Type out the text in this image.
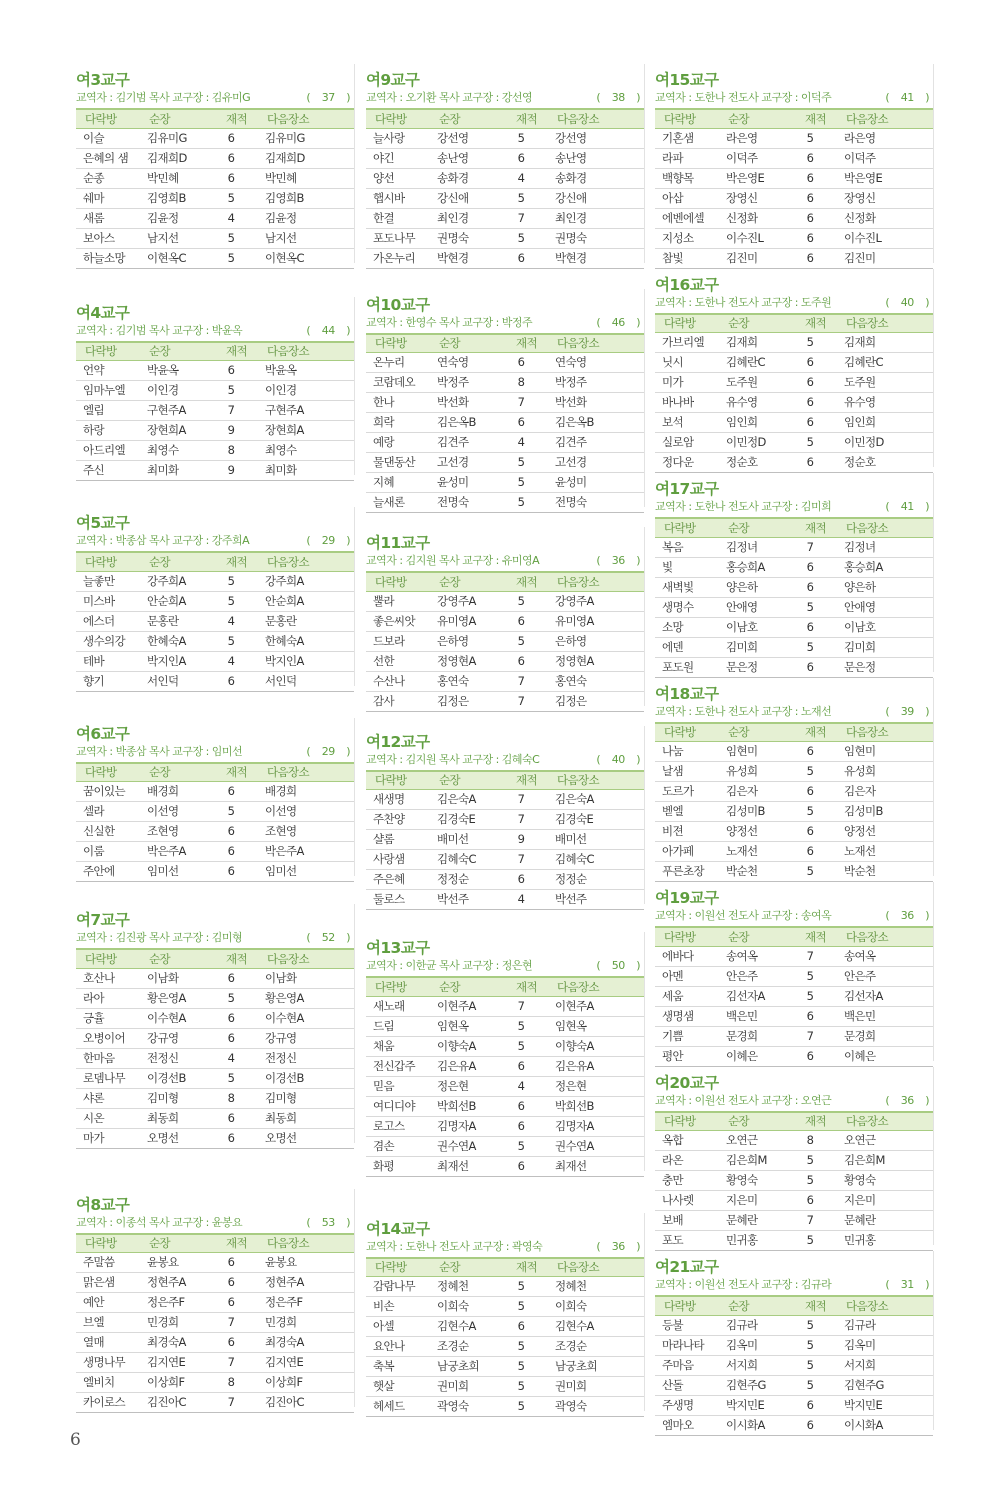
여3교구
교역자 : 김기범 목사 교구장 : 김유미G	(	37	)
다락방	순장	재적	다음장소
이슬	김유미G	6	김유미G
은혜의 샘	김재희D	6	김재희D
순종	박민혜	6	박민혜
쉐마	김영희B	5	김영희B
새롬	김윤정	4	김윤정
보아스	남지선	5	남지선
하늘소망	이현옥C	5	이현옥C
여4교구
교역자 : 김기범 목사 교구장 : 박윤옥	(	44	)
다락방	순장	재적	다음장소
언약	박윤옥	6	박윤옥
임마누엘	이인경	5	이인경
엘림	구현주A	7	구현주A
하랑	장현희A	9	장현희A
아드리엘	최영수	8	최영수
주신	최미화	9	최미화
여5교구
교역자 : 박종삼 목사 교구장 : 강주희A	(	29	)
다락방	순장	재적	다음장소
늘좋만	강주희A	5	강주희A
미스바	안순희A	5	안순희A
에스더	문홍란	4	문홍란
생수의강	한혜숙A	5	한혜숙A
테바	박지인A	4	박지인A
향기	서인덕	6	서인덕
여6교구
교역자 : 박종삼 목사 교구장 : 임미선	(	29	)
다락방	순장	재적	다음장소
꿈이있는	배경희	6	배경희
셀라	이선영	5	이선영
신실한	조현영	6	조현영
이룸	박은주A	6	박은주A
주안에	임미선	6	임미선
여7교구
교역자 : 김진광 목사 교구장 : 김미형	(	52	)
다락방	순장	재적	다음장소
호산나	이남화	6	이남화
라아	황은영A	5	황은영A
긍휼	이수현A	6	이수현A
오병이어	강규영	6	강규영
한마음	전정신	4	전정신
로뎀나무	이경선B	5	이경선B
샤론	김미형	8	김미형
시온	최동희	6	최동희
마가	오명선	6	오명선
여8교구
교역자 : 이종석 목사 교구장 : 윤봉요	(	53	)
다락방	순장	재적	다음장소
주말씀	윤봉요	6	윤봉요
맑은샘	정현주A	6	정현주A
예안	정은주F	6	정은주F
브엘	민경희	7	민경희
열매	최경숙A	6	최경숙A
생명나무	김지연E	7	김지연E
엘비치	이상희F	8	이상희F
카이로스	김진아C	7	김진아C
여9교구
교역자 : 오기환 목사 교구장 : 강선영	(	38	)
다락방	순장	재적	다음장소
늘사랑	강선영	5	강선영
야긴	송난영	6	송난영
양선	송화경	4	송화경
햅시바	강신애	5	강신애
한결	최인경	7	최인경
포도나무	권명숙	5	권명숙
가온누리	박현경	6	박현경
여10교구
교역자 : 한영수 목사 교구장 : 박정주	(	46	)
다락방	순장	재적	다음장소
온누리	연숙영	6	연숙영
코람데오	박정주	8	박정주
한나	박선화	7	박선화
희락	김은옥B	6	김은옥B
예랑	김견주	4	김견주
물댄동산	고선경	5	고선경
지혜	윤성미	5	윤성미
늘새론	전명숙	5	전명숙
여11교구
교역자 : 김지원 목사 교구장 : 유미영A	(	36	)
다락방	순장	재적	다음장소
뿔라	강영주A	5	강영주A
좋은씨앗	유미영A	6	유미영A
드보라	은하영	5	은하영
선한	정영현A	6	정영현A
수산나	홍연숙	7	홍연숙
감사	김정은	7	김정은
여12교구
교역자 : 김지원 목사 교구장 : 김혜숙C	(	40	)
다락방	순장	재적	다음장소
새생명	김은숙A	7	김은숙A
주찬양	김경숙E	7	김경숙E
샬롬	배미선	9	배미선
사랑샘	김혜숙C	7	김혜숙C
주은혜	정정순	6	정정순
둘로스	박선주	4	박선주
여13교구
교역자 : 이한균 목사 교구장 : 정은현	(	50	)
다락방	순장	재적	다음장소
새노래	이현주A	7	이현주A
드림	임현옥	5	임현옥
채움	이향숙A	5	이향숙A
전신갑주	김은유A	6	김은유A
믿음	정은현	4	정은현
여디디야	박희선B	6	박희선B
로고스	김명자A	6	김명자A
겸손	권수연A	5	권수연A
화평	최재선	6	최재선
여14교구
교역자 : 도한나 전도사 교구장 : 곽영숙	(	36	)
다락방	순장	재적	다음장소
감람나무	정혜천	5	정혜천
비손	이희숙	5	이희숙
아셀	김현수A	6	김현수A
요안나	조경순	5	조경순
축복	남궁초희	5	남궁초희
햇살	권미희	5	권미희
헤세드	곽영숙	5	곽영숙
여15교구
교역자 : 도한나 전도사 교구장 : 이덕주	(	41	)
다락방	순장	재적	다음장소
기혼샘	라은영	5	라은영
라파	이덕주	6	이덕주
백향목	박은영E	6	박은영E
아삽	장영신	6	장영신
에벤에셀	신정화	6	신정화
지성소	이수진L	6	이수진L
참빛	김진미	6	김진미
여16교구
교역자 : 도한나 전도사 교구장 : 도주원	(	40	)
다락방	순장	재적	다음장소
가브리엘	김재희	5	김재희
닛시	김혜란C	6	김혜란C
미가	도주원	6	도주원
바나바	유수영	6	유수영
보석	임인희	6	임인희
실로암	이민정D	5	이민정D
정다운	정순호	6	정순호
여17교구
교역자 : 도한나 전도사 교구장 : 김미희	(	41	)
다락방	순장	재적	다음장소
복음	김정녀	7	김정녀
빛	홍승희A	6	홍승희A
새벽빛	양은하	6	양은하
생명수	안애영	5	안애영
소망	이남호	6	이남호
에덴	김미희	5	김미희
포도원	문은정	6	문은정
여18교구
교역자 : 도한나 전도사 교구장 : 노재선	(	39	)
다락방	순장	재적	다음장소
나눔	임현미	6	임현미
날샘	유성희	5	유성희
도르가	김은자	6	김은자
벧엘	김성미B	5	김성미B
비젼	양정선	6	양정선
아가페	노재선	6	노재선
푸른초장	박순천	5	박순천
여19교구
교역자 : 이원선 전도사 교구장 : 송여옥	(	36	)
다락방	순장	재적	다음장소
에바다	송여옥	7	송여옥
아멘	안은주	5	안은주
세움	김선자A	5	김선자A
생명샘	백은민	6	백은민
기쁨	문경희	7	문경희
평안	이혜은	6	이혜은
여20교구
교역자 : 이원선 전도사 교구장 : 오연근	(	36	)
다락방	순장	재적	다음장소
옥합	오연근	8	오연근
라온	김은희M	5	김은희M
충만	황영숙	5	황영숙
나사렛	지은미	6	지은미
보배	문혜란	7	문혜란
포도	민귀홍	5	민귀홍
여21교구
교역자 : 이원선 전도사 교구장 : 김규라	(	31	)
다락방	순장	재적	다음장소
등불	김규라	5	김규라
마라나타	김옥미	5	김옥미
주마음	서지희	5	서지희
산돌	김현주G	5	김현주G
주생명	박지민E	6	박지민E
엠마오	이시화A	6	이시화A
6
